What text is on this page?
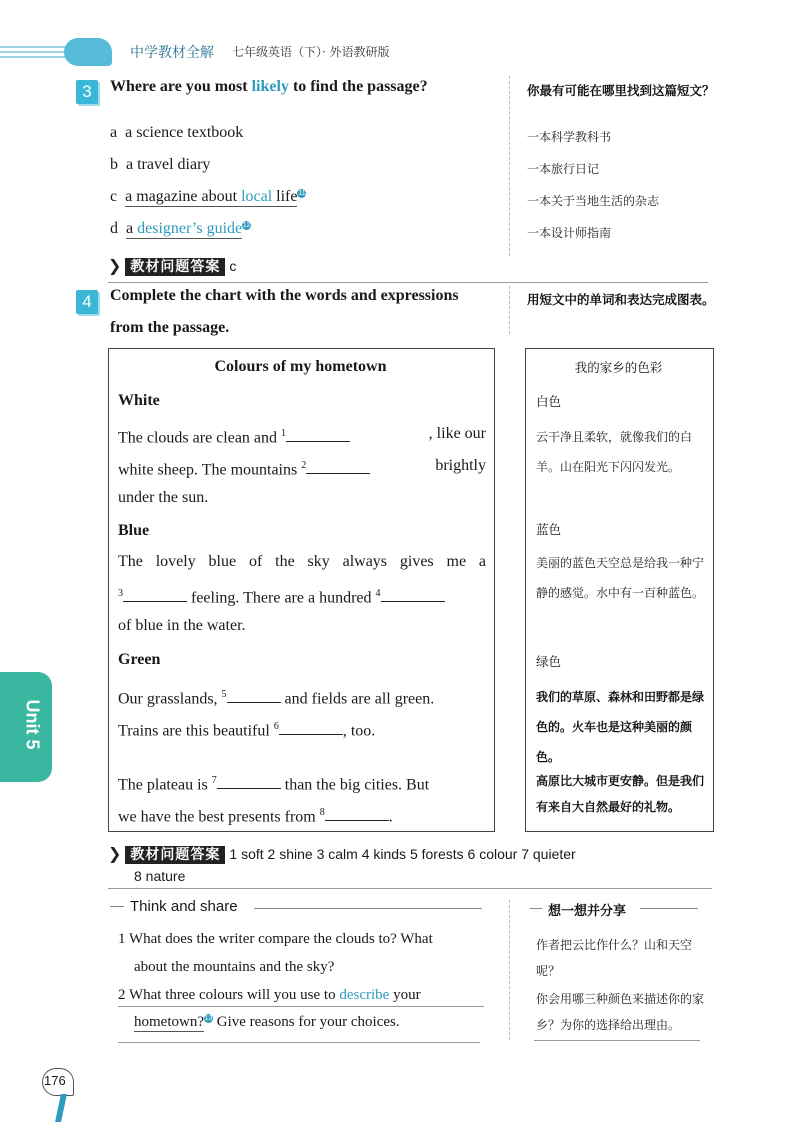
中学教材全解 七年级英语（下）· 外语教研版
3	Where are you most likely to find the passage?	你最有可能在哪里找到这篇短文？
a a science textbook
b a travel diary
c a magazine about local life11
d a designer’s guide12
一本科学教科书
一本旅行日记
一本关于当地生活的杂志
一本设计师指南
❯ 教材问题答案 c
4	Complete the chart with the words and expressions
from the passage.
用短文中的单词和表达完成图表。
Colours of my hometown
White
The clouds are clean and $^1$	, like our
white sheep. The mountains $^2$	brightly
under the sun.
Blue
The lovely blue of the sky always gives me a
$^3$	feeling. There are a hundred $^4$
of blue in the water.
Green
Our grasslands, $^5$	and fields are all green.
Trains are this beautiful $^6$	, too.
The plateau is $^7$	than the big cities. But
we have the best presents from $^8$	.
我的家乡的色彩
白色
云干净且柔软，就像我们的白羊。山在阳光下闪闪发光。
蓝色
美丽的蓝色天空总是给我一种宁静的感觉。水中有一百种蓝色。
绿色
我们的草原、森林和田野都是绿色的。火车也是这种美丽的颜色。
高原比大城市更安静。但是我们有来自大自然最好的礼物。
❯ 教材问题答案 1 soft 2 shine 3 calm 4 kinds 5 forests 6 colour 7 quieter
8 nature
Think and share	想一想并分享
1 What does the writer compare the clouds to? What
about the mountains and the sky?
2 What three colours will you use to describe your
hometown?13 Give reasons for your choices.
作者把云比作什么？山和天空呢？
你会用哪三种颜色来描述你的家乡？为你的选择给出理由。
Unit 5
176
